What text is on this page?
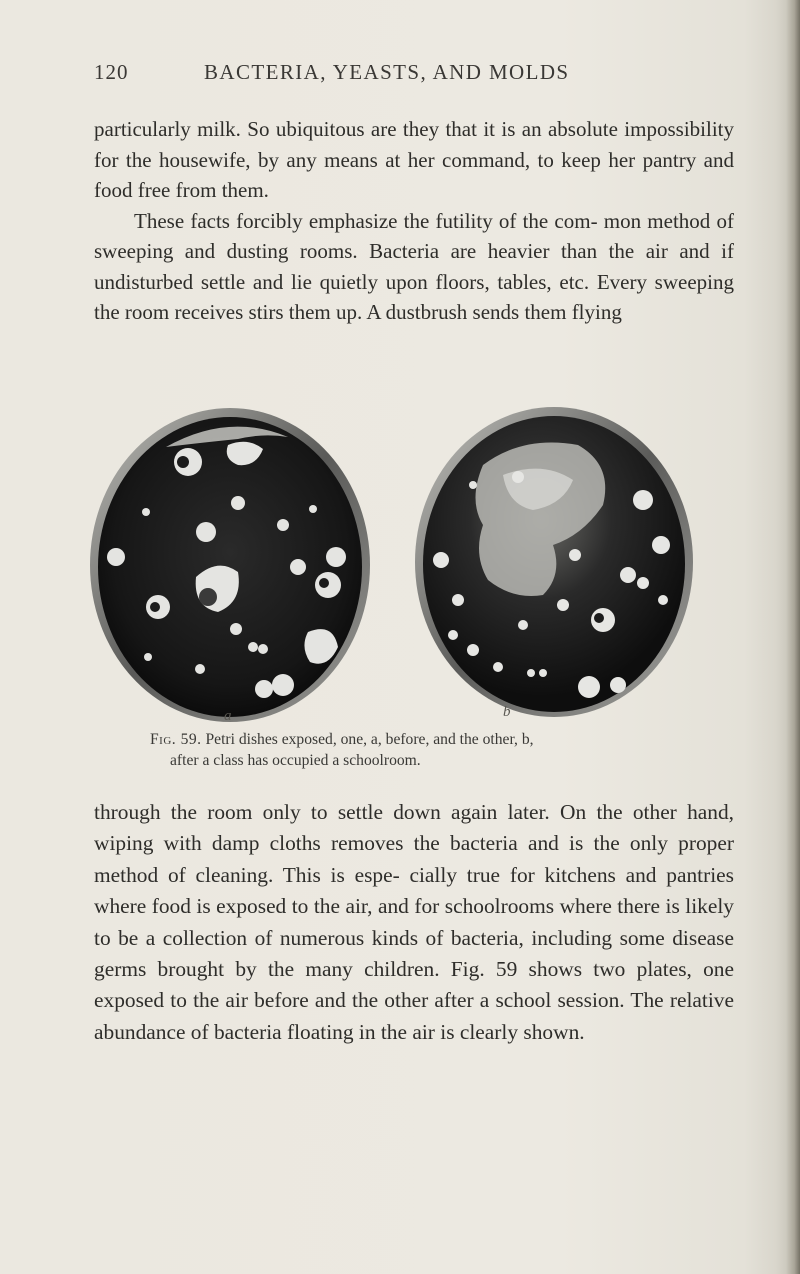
120	BACTERIA, YEASTS, AND MOLDS

particularly milk. So ubiquitous are they that it is an absolute impossibility for the housewife, by any means at her command, to keep her pantry and food free from them.

These facts forcibly emphasize the futility of the com- mon method of sweeping and dusting rooms. Bacteria are heavier than the air and if undisturbed settle and lie quietly upon floors, tables, etc. Every sweeping the room receives stirs them up. A dustbrush sends them flying

a	b
Fig. 59. Petri dishes exposed, one, a, before, and the other, b,
after a class has occupied a schoolroom.

through the room only to settle down again later. On the other hand, wiping with damp cloths removes the bacteria and is the only proper method of cleaning. This is espe- cially true for kitchens and pantries where food is exposed to the air, and for schoolrooms where there is likely to be a collection of numerous kinds of bacteria, including some disease germs brought by the many children. Fig. 59 shows two plates, one exposed to the air before and the other after a school session. The relative abundance of bacteria floating in the air is clearly shown.
